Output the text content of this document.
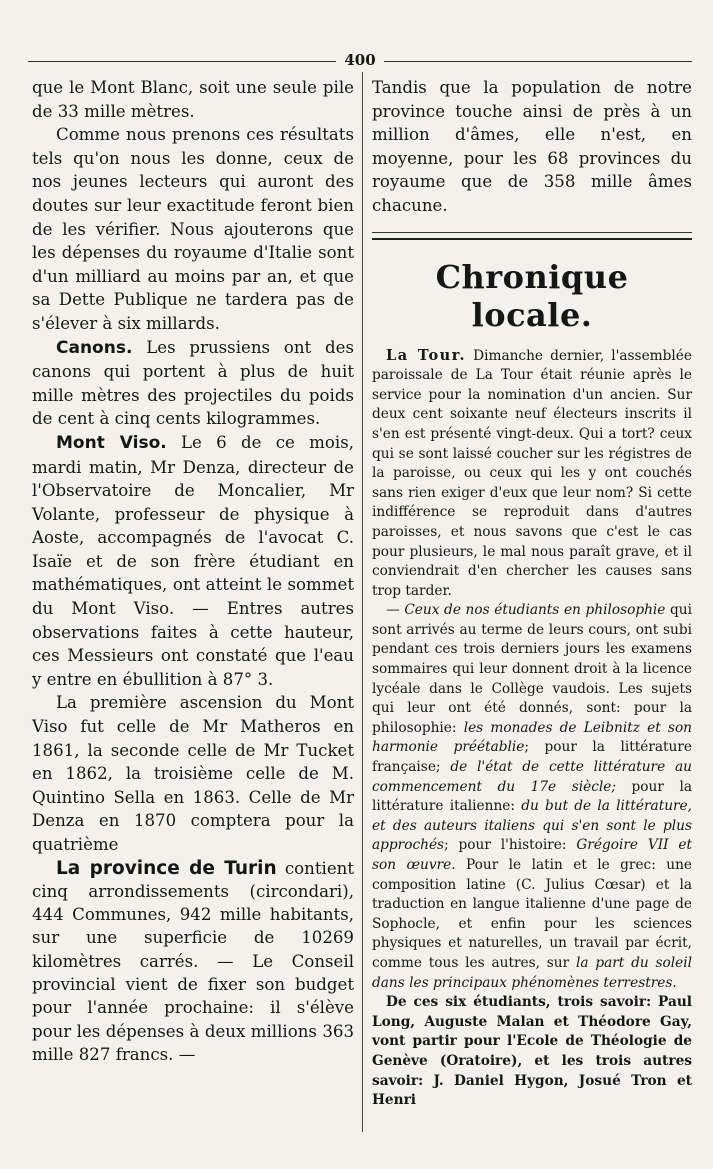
400

que le Mont Blanc, soit une seule pile de 33 mille mètres.

Comme nous prenons ces résultats tels qu'on nous les donne, ceux de nos jeunes lecteurs qui auront des doutes sur leur exactitude feront bien de les vérifier. Nous ajouterons que les dépenses du royaume d'Italie sont d'un milliard au moins par an, et que sa Dette Publique ne tardera pas de s'élever à six millards.

Canons. Les prussiens ont des canons qui portent à plus de huit mille mètres des projectiles du poids de cent à cinq cents kilogrammes.

Mont Viso. Le 6 de ce mois, mardi matin, Mr Denza, directeur de l'Observatoire de Moncalier, Mr Volante, professeur de physique à Aoste, accompagnés de l'avocat C. Isaïe et de son frère étudiant en mathématiques, ont atteint le sommet du Mont Viso. — Entres autres observations faites à cette hauteur, ces Messieurs ont constaté que l'eau y entre en ébullition à 87° 3.

La première ascension du Mont Viso fut celle de Mr Matheros en 1861, la seconde celle de Mr Tucket en 1862, la troisième celle de M. Quintino Sella en 1863. Celle de Mr Denza en 1870 comptera pour la quatrième

La province de Turin contient cinq arrondissements (circondari), 444 Communes, 942 mille habitants, sur une superficie de 10269 kilomètres carrés. — Le Conseil provincial vient de fixer son budget pour l'année prochaine: il s'élève pour les dépenses à deux millions 363 mille 827 francs. —

Tandis que la population de notre province touche ainsi de près à un million d'âmes, elle n'est, en moyenne, pour les 68 provinces du royaume que de 358 mille âmes chacune.

Chronique locale.

La Tour. Dimanche dernier, l'assemblée paroissale de La Tour était réunie après le service pour la nomination d'un ancien. Sur deux cent soixante neuf électeurs inscrits il s'en est présenté vingt-deux. Qui a tort? ceux qui se sont laissé coucher sur les régistres de la paroisse, ou ceux qui les y ont couchés sans rien exiger d'eux que leur nom? Si cette indifférence se reproduit dans d'autres paroisses, et nous savons que c'est le cas pour plusieurs, le mal nous paraît grave, et il conviendrait d'en chercher les causes sans trop tarder.

— Ceux de nos étudiants en philosophie qui sont arrivés au terme de leurs cours, ont subi pendant ces trois derniers jours les examens sommaires qui leur donnent droit à la licence lycéale dans le Collège vaudois. Les sujets qui leur ont été donnés, sont: pour la philosophie: les monades de Leibnitz et son harmonie préétablie; pour la littérature française; de l'état de cette littérature au commencement du 17e siècle; pour la littérature italienne: du but de la littérature, et des auteurs italiens qui s'en sont le plus approchés; pour l'histoire: Grégoire VII et son œuvre. Pour le latin et le grec: une composition latine (C. Julius Cœsar) et la traduction en langue italienne d'une page de Sophocle, et enfin pour les sciences physiques et naturelles, un travail par écrit, comme tous les autres, sur la part du soleil dans les principaux phénomènes terrestres.

De ces six étudiants, trois savoir: Paul Long, Auguste Malan et Théodore Gay, vont partir pour l'Ecole de Théologie de Genève (Oratoire), et les trois autres savoir: J. Daniel Hygon, Josué Tron et Henri
